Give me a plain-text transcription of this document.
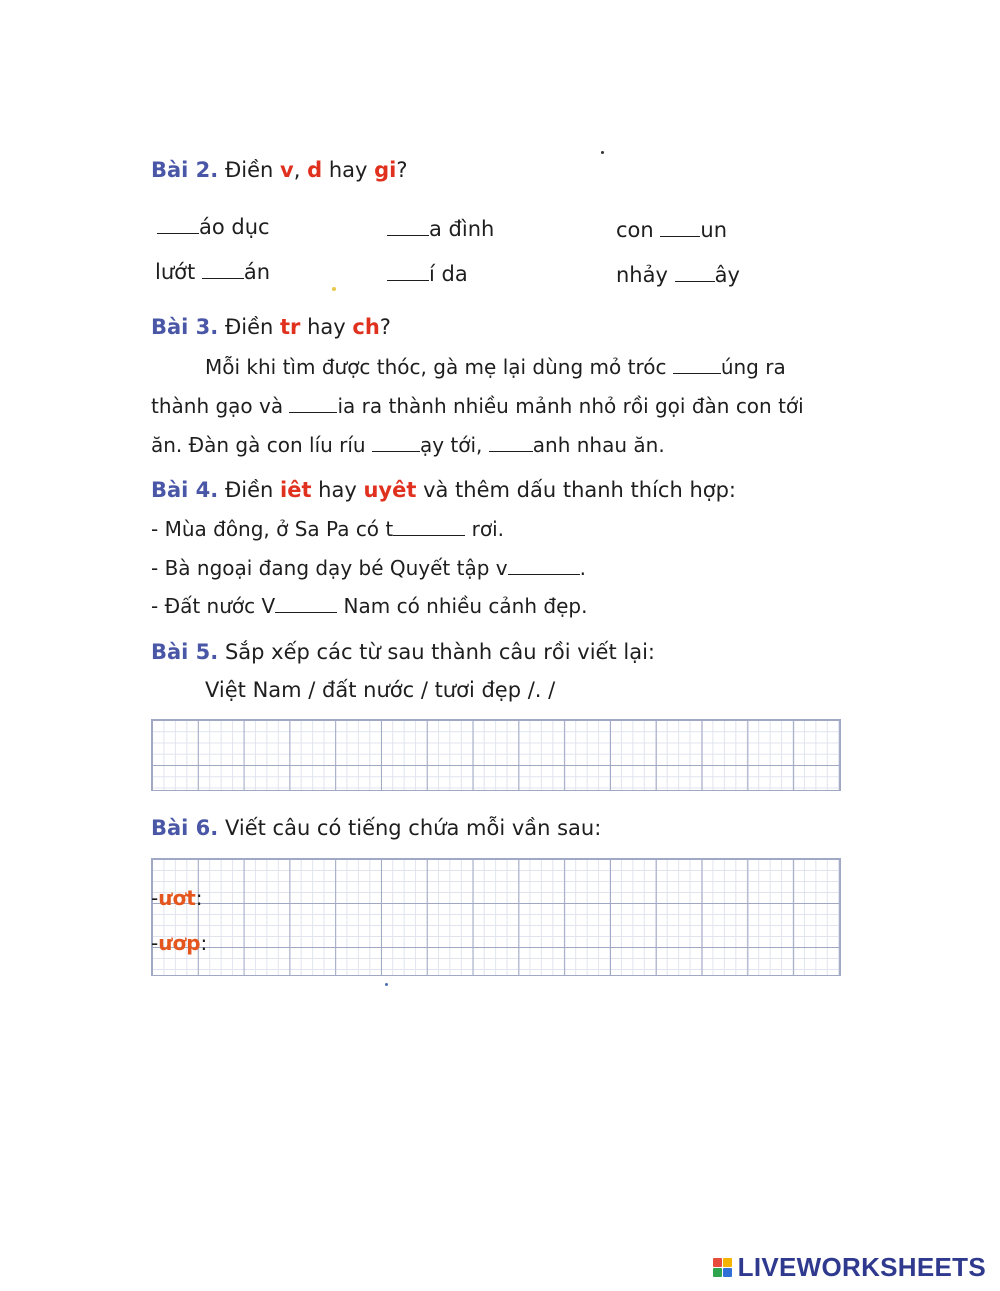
Bài 2. Điền v, d hay gi?
áo dục	a đình	con un
lướt án	í da	nhảy ây
Bài 3. Điền tr hay ch?
Mỗi khi tìm được thóc, gà mẹ lại dùng mỏ tróc	úng ra
thành gạo và	ia ra thành nhiều mảnh nhỏ rồi gọi đàn con tới
ăn. Đàn gà con líu ríu	ạy tới,	anh nhau ăn.
Bài 4. Điền iêt hay uyêt và thêm dấu thanh thích hợp:
- Mùa đông, ở Sa Pa có t	rơi.
- Bà ngoại đang dạy bé Quyết tập v	.
- Đất nước V	Nam có nhiều cảnh đẹp.
Bài 5. Sắp xếp các từ sau thành câu rồi viết lại:
Việt Nam / đất nước / tươi đẹp /. /
Bài 6. Viết câu có tiếng chứa mỗi vần sau:
-ươt:
-ươp:
LIVEWORKSHEETS
